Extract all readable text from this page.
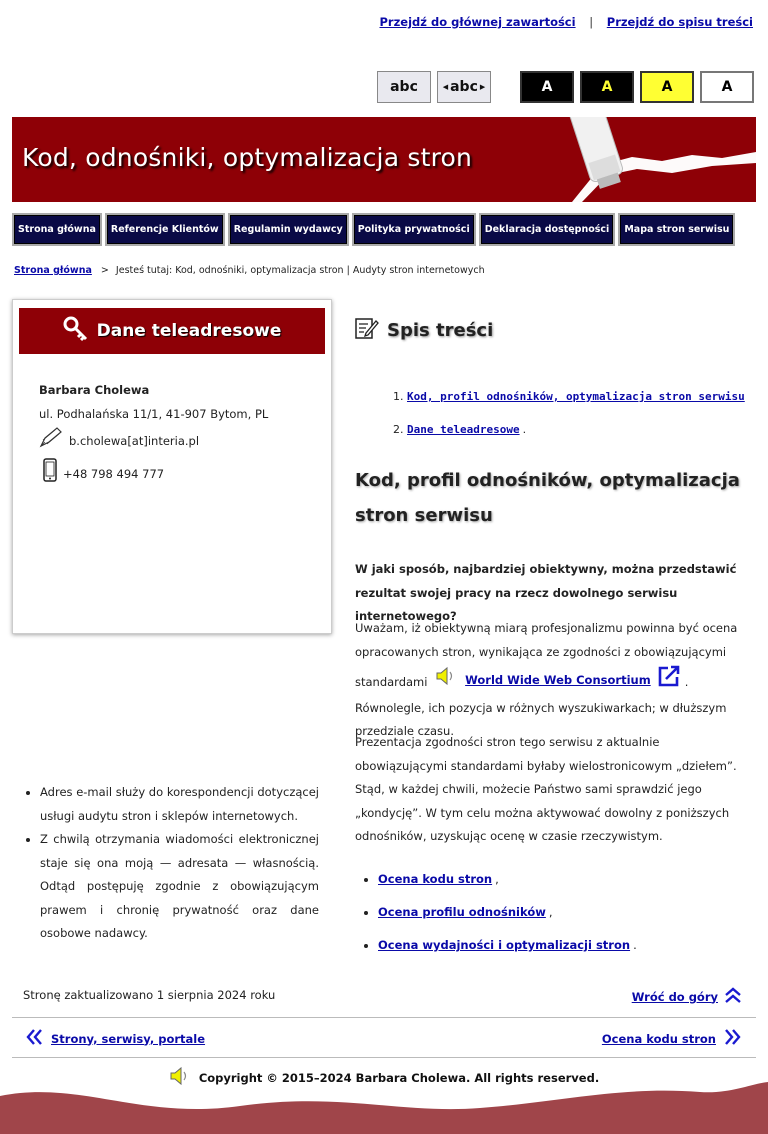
Przejdź do głównej zawartości | Przejdź do spisu treści
abc	◀ abc ▶	A	A	A	A
Kod, odnośniki, optymalizacja stron
Strona główna	Referencje Klientów	Regulamin wydawcy	Polityka prywatności	Deklaracja dostępności	Mapa stron serwisu
Strona główna > Jesteś tutaj: Kod, odnośniki, optymalizacja stron | Audyty stron internetowych
Dane teleadresowe
Barbara Cholewa
ul. Podhalańska 11/1, 41-907 Bytom, PL
b.cholewa[at]interia.pl
+48 798 494 777
• Adres e-mail służy do korespondencji dotyczącej usługi audytu stron i sklepów internetowych.
• Z chwilą otrzymania wiadomości elektronicznej staje się ona moją — adresata — własnością. Odtąd postępuję zgodnie z obowiązującym prawem i chronię prywatność oraz dane osobowe nadawcy.
Spis treści
1. Kod, profil odnośników, optymalizacja stron serwisu
2. Dane teleadresowe .
Kod, profil odnośników, optymalizacja stron serwisu

W jaki sposób, najbardziej obiektywny, można przedstawić rezultat swojej pracy na rzecz dowolnego serwisu internetowego?

Uważam, iż obiektywną miarą profesjonalizmu powinna być ocena opracowanych stron, wynikająca ze zgodności z obowiązującymi standardami	World Wide Web Consortium	. Równolegle, ich pozycja w różnych wyszukiwarkach; w dłuższym przedziale czasu.

Prezentacja zgodności stron tego serwisu z aktualnie obowiązującymi standardami byłaby wielostronicowym „dziełem”. Stąd, w każdej chwili, możecie Państwo sami sprawdzić jego „kondycję”. W tym celu można aktywować dowolny z poniższych odnośników, uzyskując ocenę w czasie rzeczywistym.

• Ocena kodu stron ,
• Ocena profilu odnośników ,
• Ocena wydajności i optymalizacji stron .
Stronę zaktualizowano 1 sierpnia 2024 roku	Wróć do góry
Strony, serwisy, portale	Ocena kodu stron
Copyright © 2015–2024 Barbara Cholewa. All rights reserved.
